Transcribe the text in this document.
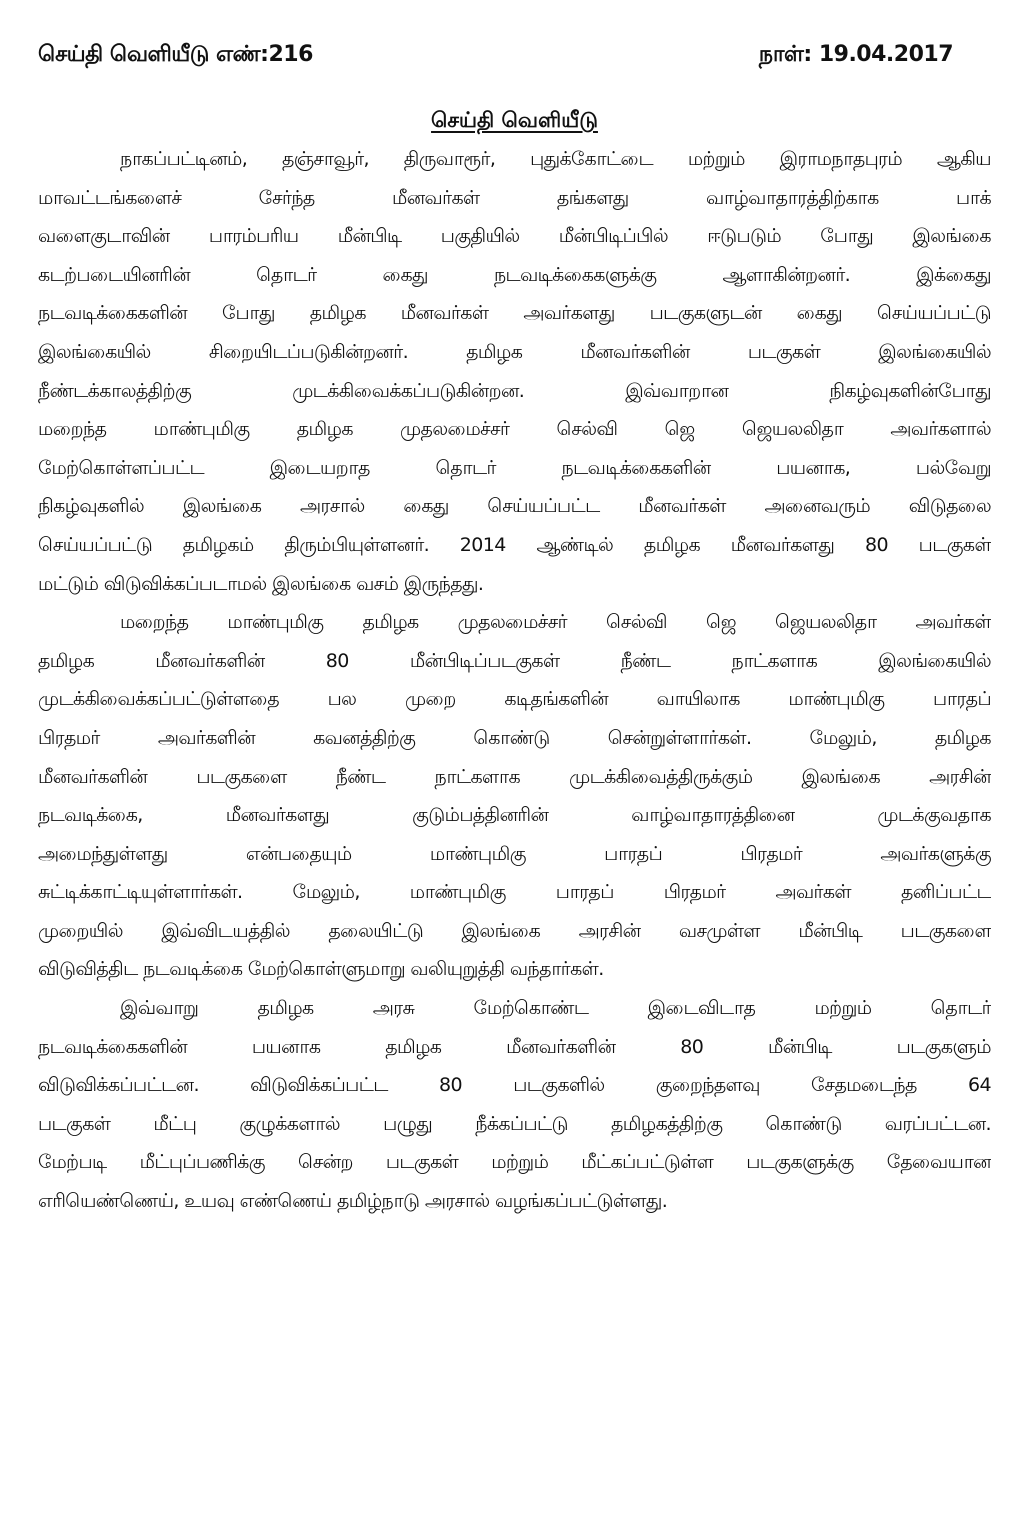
செய்தி வெளியீடு எண்:216	நாள்: 19.04.2017
செய்தி வெளியீடு
நாகப்பட்டினம், தஞ்சாவூர், திருவாரூர், புதுக்கோட்டை மற்றும் இராமநாதபுரம் ஆகிய
மாவட்டங்களைச் சேர்ந்த மீனவர்கள் தங்களது வாழ்வாதாரத்திற்காக பாக்
வளைகுடாவின் பாரம்பரிய மீன்பிடி பகுதியில் மீன்பிடிப்பில் ஈடுபடும் போது இலங்கை
கடற்படையினரின் தொடர் கைது நடவடிக்கைகளுக்கு ஆளாகின்றனர். இக்கைது
நடவடிக்கைகளின் போது தமிழக மீனவர்கள் அவர்களது படகுகளுடன் கைது செய்யப்பட்டு
இலங்கையில் சிறையிடப்படுகின்றனர். தமிழக மீனவர்களின் படகுகள் இலங்கையில்
நீண்டக்காலத்திற்கு முடக்கிவைக்கப்படுகின்றன. இவ்வாறான நிகழ்வுகளின்போது
மறைந்த மாண்புமிகு தமிழக முதலமைச்சர் செல்வி ஜெ ஜெயலலிதா அவர்களால்
மேற்கொள்ளப்பட்ட இடையறாத தொடர் நடவடிக்கைகளின் பயனாக, பல்வேறு
நிகழ்வுகளில் இலங்கை அரசால் கைது செய்யப்பட்ட மீனவர்கள் அனைவரும் விடுதலை
செய்யப்பட்டு தமிழகம் திரும்பியுள்ளனர். 2014 ஆண்டில் தமிழக மீனவர்களது 80 படகுகள்
மட்டும் விடுவிக்கப்படாமல் இலங்கை வசம் இருந்தது.
மறைந்த மாண்புமிகு தமிழக முதலமைச்சர் செல்வி ஜெ ஜெயலலிதா அவர்கள்
தமிழக மீனவர்களின் 80 மீன்பிடிப்படகுகள் நீண்ட நாட்களாக இலங்கையில்
முடக்கிவைக்கப்பட்டுள்ளதை பல முறை கடிதங்களின் வாயிலாக மாண்புமிகு பாரதப்
பிரதமர் அவர்களின் கவனத்திற்கு கொண்டு சென்றுள்ளார்கள். மேலும், தமிழக
மீனவர்களின் படகுகளை நீண்ட நாட்களாக முடக்கிவைத்திருக்கும் இலங்கை அரசின்
நடவடிக்கை, மீனவர்களது குடும்பத்தினரின் வாழ்வாதாரத்தினை முடக்குவதாக
அமைந்துள்ளது என்பதையும் மாண்புமிகு பாரதப் பிரதமர் அவர்களுக்கு
சுட்டிக்காட்டியுள்ளார்கள். மேலும், மாண்புமிகு பாரதப் பிரதமர் அவர்கள் தனிப்பட்ட
முறையில் இவ்விடயத்தில் தலையிட்டு இலங்கை அரசின் வசமுள்ள மீன்பிடி படகுகளை
விடுவித்திட நடவடிக்கை மேற்கொள்ளுமாறு வலியுறுத்தி வந்தார்கள்.
இவ்வாறு தமிழக அரசு மேற்கொண்ட இடைவிடாத மற்றும் தொடர்
நடவடிக்கைகளின் பயனாக தமிழக மீனவர்களின் 80 மீன்பிடி படகுகளும்
விடுவிக்கப்பட்டன. விடுவிக்கப்பட்ட 80 படகுகளில் குறைந்தளவு சேதமடைந்த 64
படகுகள் மீட்பு குழுக்களால் பழுது நீக்கப்பட்டு தமிழகத்திற்கு கொண்டு வரப்பட்டன.
மேற்படி மீட்புப்பணிக்கு சென்ற படகுகள் மற்றும் மீட்கப்பட்டுள்ள படகுகளுக்கு தேவையான
எரியெண்ணெய், உயவு எண்ணெய் தமிழ்நாடு அரசால் வழங்கப்பட்டுள்ளது.
